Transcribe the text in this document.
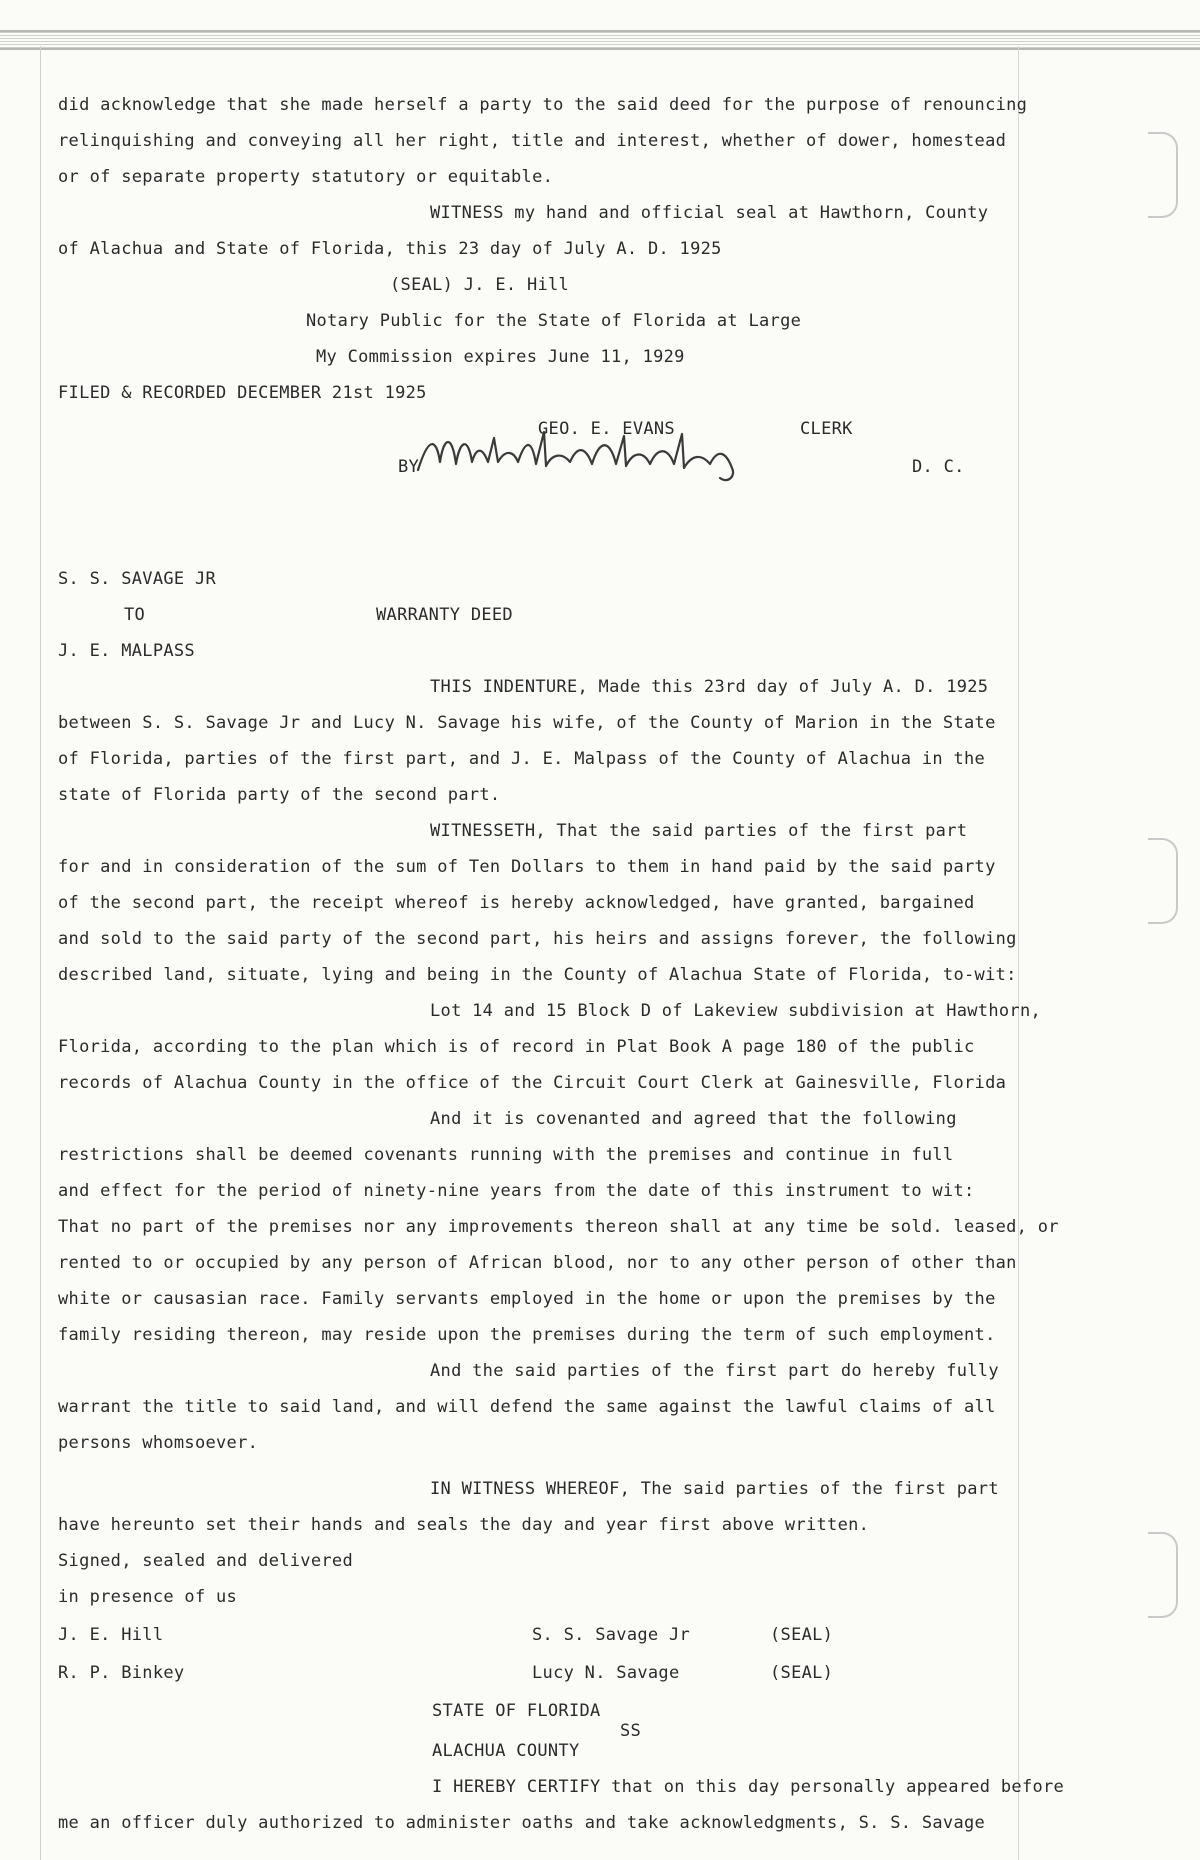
did acknowledge that she made herself a party to the said deed for the purpose of renouncing
relinquishing and conveying all her right, title and interest, whether of dower, homestead
or of separate property statutory or equitable.
WITNESS my hand and official seal at Hawthorn, County
of Alachua and State of Florida, this 23 day of July A. D. 1925
(SEAL) J. E. Hill
Notary Public for the State of Florida at Large
My Commission expires June 11, 1929
FILED & RECORDED DECEMBER 21st 1925
GEO. E. EVANS	CLERK
BY	D. C.
S. S. SAVAGE JR
TO	WARRANTY DEED
J. E. MALPASS
THIS INDENTURE, Made this 23rd day of July A. D. 1925
between S. S. Savage Jr and Lucy N. Savage his wife, of the County of Marion in the State
of Florida, parties of the first part, and J. E. Malpass of the County of Alachua in the
state of Florida party of the second part.
WITNESSETH, That the said parties of the first part
for and in consideration of the sum of Ten Dollars to them in hand paid by the said party
of the second part, the receipt whereof is hereby acknowledged, have granted, bargained
and sold to the said party of the second part, his heirs and assigns forever, the following
described land, situate, lying and being in the County of Alachua State of Florida, to-wit:
Lot 14 and 15 Block D of Lakeview subdivision at Hawthorn,
Florida, according to the plan which is of record in Plat Book A page 180 of the public
records of Alachua County in the office of the Circuit Court Clerk at Gainesville, Florida
And it is covenanted and agreed that the following
restrictions shall be deemed covenants running with the premises and continue in full
and effect for the period of ninety-nine years from the date of this instrument to wit:
That no part of the premises nor any improvements thereon shall at any time be sold. leased, or
rented to or occupied by any person of African blood, nor to any other person of other than
white or causasian race. Family servants employed in the home or upon the premises by the
family residing thereon, may reside upon the premises during the term of such employment.
And the said parties of the first part do hereby fully
warrant the title to said land, and will defend the same against the lawful claims of all
persons whomsoever.
IN WITNESS WHEREOF, The said parties of the first part
have hereunto set their hands and seals the day and year first above written.
Signed, sealed and delivered
in presence of us
J. E. Hill	S. S. Savage Jr	(SEAL)
R. P. Binkey	Lucy N. Savage	(SEAL)
STATE OF FLORIDA
SS
ALACHUA COUNTY
I HEREBY CERTIFY that on this day personally appeared before
me an officer duly authorized to administer oaths and take acknowledgments, S. S. Savage
